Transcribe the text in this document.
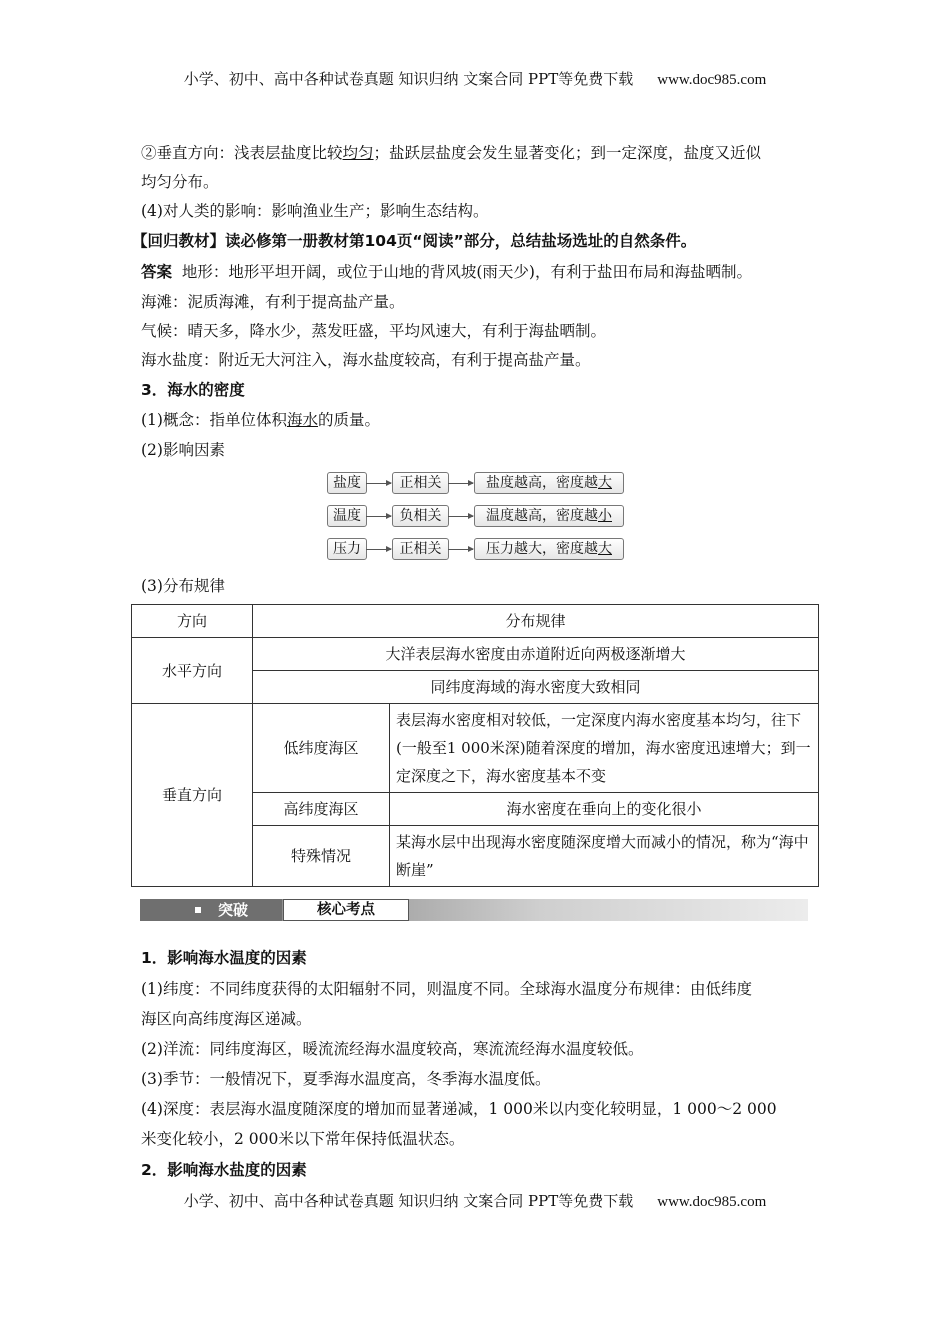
小学、初中、高中各种试卷真题 知识归纳 文案合同 PPT等免费下载 www.doc985.com
②垂直方向：浅表层盐度比较均匀；盐跃层盐度会发生显著变化；到一定深度，盐度又近似
均匀分布。
(4)对人类的影响：影响渔业生产；影响生态结构。
【回归教材】读必修第一册教材第104页“阅读”部分，总结盐场选址的自然条件。
答案 地形：地形平坦开阔，或位于山地的背风坡(雨天少)，有利于盐田布局和海盐晒制。
海滩：泥质海滩，有利于提高盐产量。
气候：晴天多，降水少，蒸发旺盛，平均风速大，有利于海盐晒制。
海水盐度：附近无大河注入，海水盐度较高，有利于提高盐产量。
3．海水的密度
(1)概念：指单位体积海水的质量。
(2)影响因素
盐度	正相关	盐度越高，密度越大
温度	负相关	温度越高，密度越小
压力	正相关	压力越大，密度越大
(3)分布规律
方向	分布规律	
水平方向	大洋表层海水密度由赤道附近向两极逐渐增大	
	同纬度海域的海水密度大致相同	
垂直方向	低纬度海区	表层海水密度相对较低，一定深度内海水密度基本均匀，往下(一般至1 000米深)随着深度的增加，海水密度迅速增大；到一定深度之下，海水密度基本不变
	高纬度海区	海水密度在垂向上的变化很小
	特殊情况	某海水层中出现海水密度随深度增大而减小的情况，称为“海中断崖”
突破	核心考点
1．影响海水温度的因素
(1)纬度：不同纬度获得的太阳辐射不同，则温度不同。全球海水温度分布规律：由低纬度
海区向高纬度海区递减。
(2)洋流：同纬度海区，暖流流经海水温度较高，寒流流经海水温度较低。
(3)季节：一般情况下，夏季海水温度高，冬季海水温度低。
(4)深度：表层海水温度随深度的增加而显著递减，1 000米以内变化较明显，1 000～2 000
米变化较小，2 000米以下常年保持低温状态。
2．影响海水盐度的因素
小学、初中、高中各种试卷真题 知识归纳 文案合同 PPT等免费下载 www.doc985.com
